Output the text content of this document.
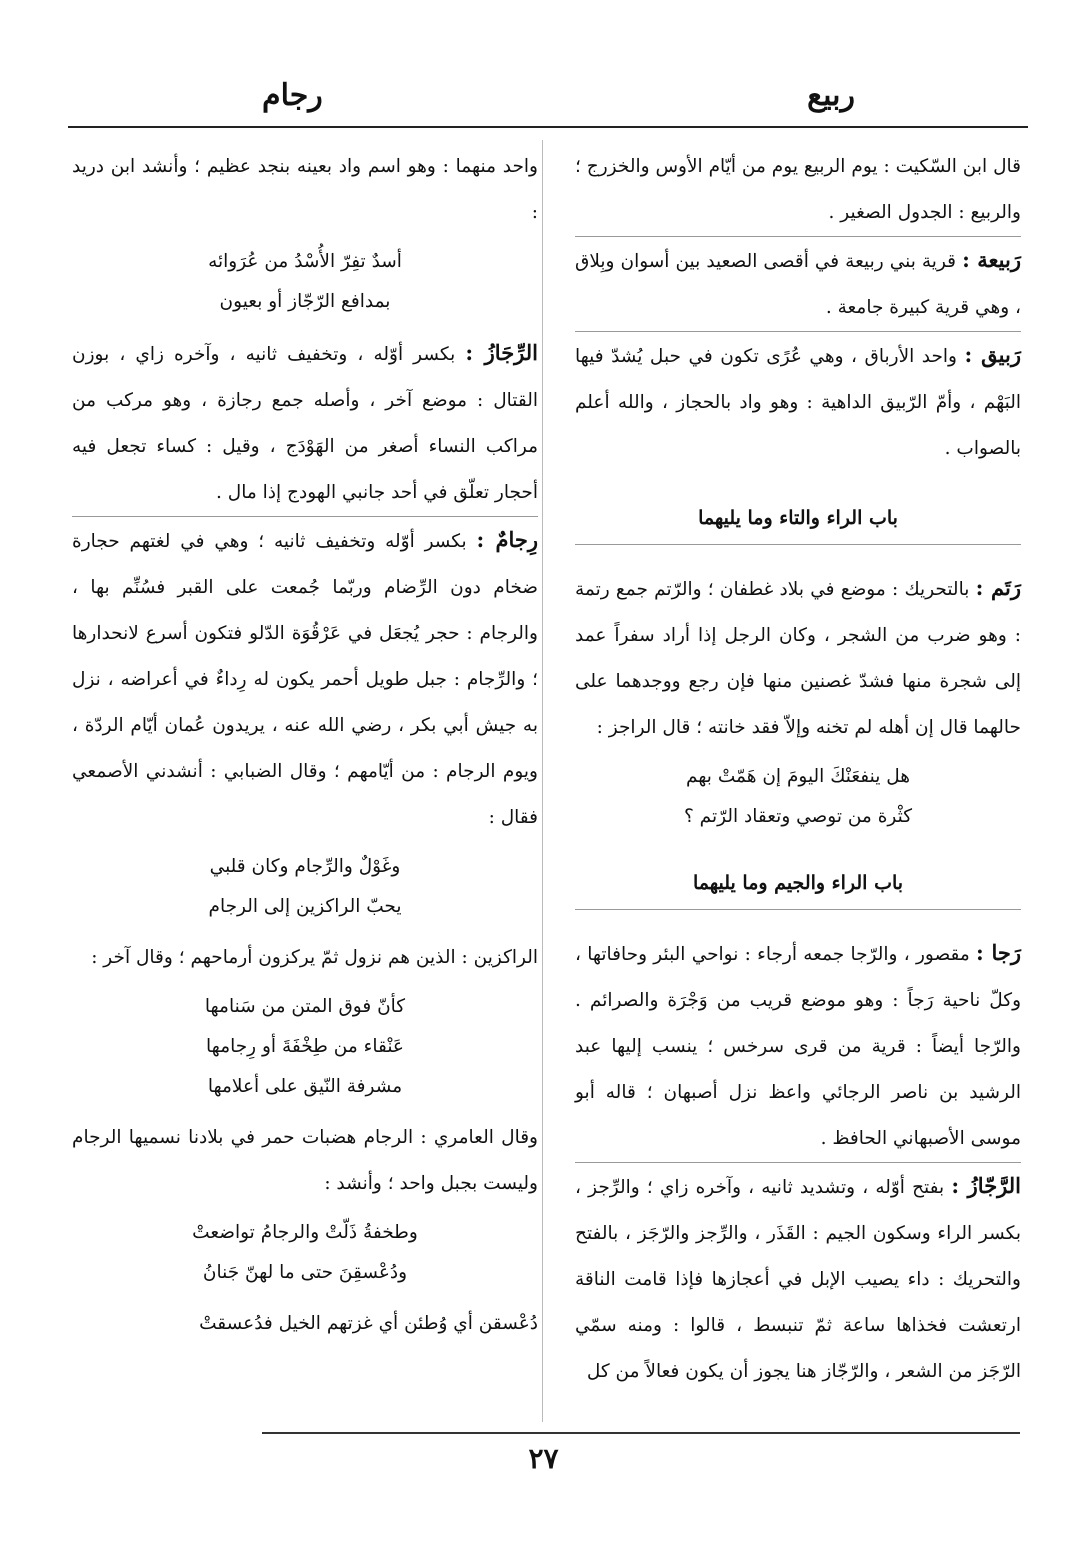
ربيع
رجام

قال ابن السّكيت : يوم الربيع يوم من أيّام الأوس والخزرج ؛ والربيع : الجدول الصغير .

رَبيعة : قرية بني ربيعة في أقصى الصعيد بين أسوان وبِلاق ، وهي قرية كبيرة جامعة .

رَبيق : واحد الأرباق ، وهي عُرًى تكون في حبل يُشدّ فيها البَهْم ، وأمّ الرّبيق الداهية : وهو واد بالحجاز ، والله أعلم بالصواب .

باب الراء والتاء وما يليهما

رَتَم : بالتحريك : موضع في بلاد غطفان ؛ والرّتم جمع رتمة : وهو ضرب من الشجر ، وكان الرجل إذا أراد سفراً عمد إلى شجرة منها فشدّ غصنين منها فإن رجع ووجدهما على حالهما قال إن أهله لم تخنه وإلاّ فقد خانته ؛ قال الراجز :

هل ينفعَنْكَ اليومَ إن هَمّتْ بهم
كثْرة من توصي وتعقاد الرّتم ؟
باب الراء والجيم وما يليهما

رَجا : مقصور ، والرّجا جمعه أرجاء : نواحي البئر وحافاتها ، وكلّ ناحية رَجاً : وهو موضع قريب من وَجْرَة والصرائم . والرّجا أيضاً : قرية من قرى سرخس ؛ ينسب إليها عبد الرشيد بن ناصر الرجائي واعظ نزل أصبهان ؛ قاله أبو موسى الأصبهاني الحافظ .

الرَّجّازُ : بفتح أوّله ، وتشديد ثانيه ، وآخره زاي ؛ والرِّجز ، بكسر الراء وسكون الجيم : القَذَر ، والرِّجز والرّجَز ، بالفتح والتحريك : داء يصيب الإبل في أعجازها فإذا قامت الناقة ارتعشت فخذاها ساعة ثمّ تنبسط ، قالوا : ومنه سمّي الرّجَز من الشعر ، والرّجّاز هنا يجوز أن يكون فعالاً من كل

واحد منهما : وهو اسم واد بعينه بنجد عظيم ؛ وأنشد ابن دريد :

أسدٌ تفِرّ الأُسْدُ من عُرَوائه
بمدافع الرّجّاز أو بعيون

الرِّجَازُ : بكسر أوّله ، وتخفيف ثانيه ، وآخره زاي ، بوزن القتال : موضع آخر ، وأصله جمع رجازة ، وهو مركب من مراكب النساء أصغر من الهَوْدَج ، وقيل : كساء تجعل فيه أحجار تعلّق في أحد جانبي الهودج إذا مال .

رِجامٌ : بكسر أوّله وتخفيف ثانيه ؛ وهي في لغتهم حجارة ضخام دون الرِّضام وربّما جُمعت على القبر فسُنِّم بها ، والرجام : حجر يُجعَل في عَرْقُوَة الدّلو فتكون أسرع لانحدارها ؛ والرِّجام : جبل طويل أحمر يكون له رِداءٌ في أعراضه ، نزل به جيش أبي بكر ، رضي الله عنه ، يريدون عُمان أيّام الردّة ، ويوم الرجام : من أيّامهم ؛ وقال الضبابي : أنشدني الأصمعي فقال :

وغَوْلٌ والرِّجام وكان قلبي
يحبّ الراكزين إلى الرجام

الراكزين : الذين هم نزول ثمّ يركزون أرماحهم ؛ وقال آخر :

كأنّ فوق المتن من سَنامها
عَنْقاء من طِخْفَةَ أو رِجامها
مشرفة النّيق على أعلامها

وقال العامري : الرجام هضبات حمر في بلادنا نسميها الرجام وليست بجبل واحد ؛ وأنشد :

وطخفةُ ذَلّتْ والرجامُ تواضعتْ
ودُعْسقِنَ حتى ما لهنّ جَنانُ

دُعْسقن أي وُطئن أي غزتهم الخيل فدُعسقتْ

٢٧
